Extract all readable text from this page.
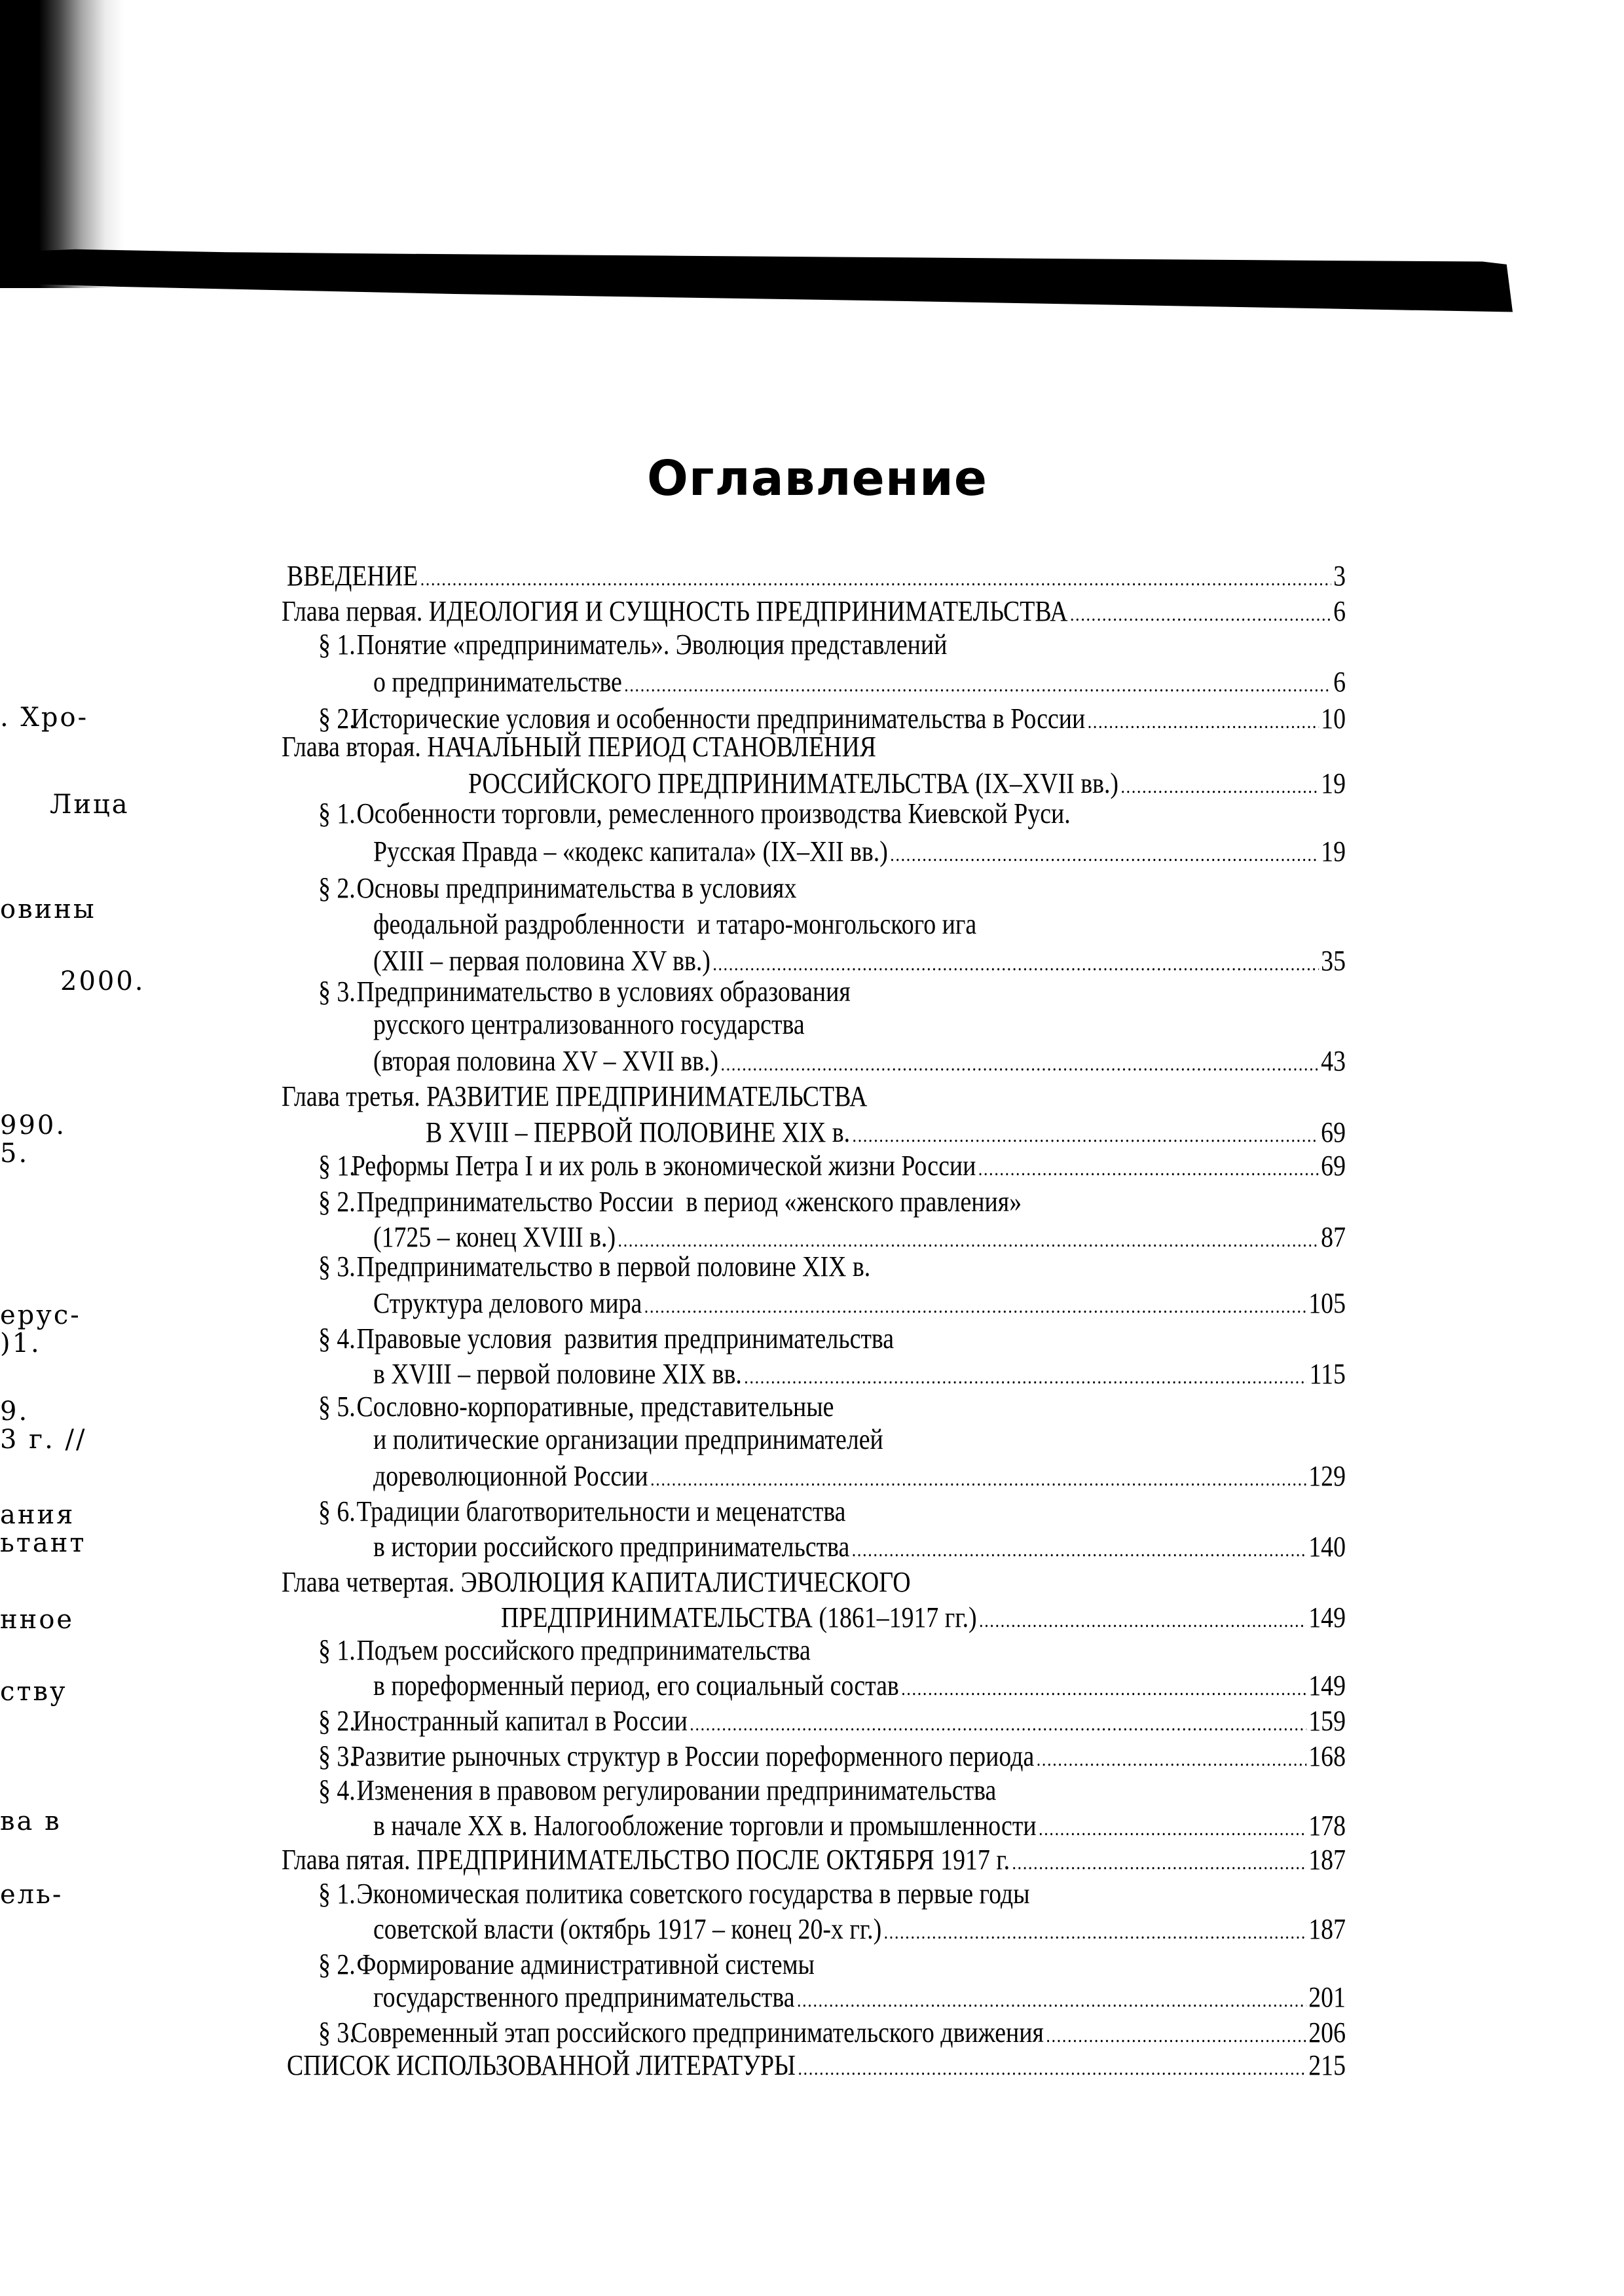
Оглавление
ВВЕДЕНИЕ .....	3
Глава первая. ИДЕОЛОГИЯ И СУЩНОСТЬ ПРЕДПРИНИМАТЕЛЬСТВА .....	6
§ 1. Понятие «предприниматель». Эволюция представлений
о предпринимательстве .....	6
§ 2.
Исторические условия и особенности предпринимательства в России .....	10
Глава вторая. НАЧАЛЬНЫЙ ПЕРИОД СТАНОВЛЕНИЯ
РОССИЙСКОГО ПРЕДПРИНИМАТЕЛЬСТВА (IX–XVII вв.) .....	19
§ 1. Особенности торговли, ремесленного производства Киевской Руси.
Русская Правда – «кодекс капитала» (IX–XII вв.) .....	19
§ 2. Основы предпринимательства в условиях
феодальной раздробленности  и татаро-монгольского ига
(XIII – первая половина XV вв.) .....	35
§ 3. Предпринимательство в условиях образования
русского централизованного государства
(вторая половина XV – XVII вв.) .....	43
Глава третья. РАЗВИТИЕ ПРЕДПРИНИМАТЕЛЬСТВА
В XVIII – ПЕРВОЙ ПОЛОВИНЕ XIX в. .....	69
§ 1.
Реформы Петра I и их роль в экономической жизни России .....	69
§ 2. Предпринимательство России  в период «женского правления»
(1725 – конец XVIII в.) .....	87
§ 3. Предпринимательство в первой половине XIX в.
Структура делового мира .....	105
§ 4. Правовые условия  развития предпринимательства
в XVIII – первой половине XIX вв. .....	115
§ 5. Сословно-корпоративные, представительные
и политические организации предпринимателей
дореволюционной России .....	129
§ 6. Традиции благотворительности и меценатства
в истории российского предпринимательства .....	140
Глава четвертая. ЭВОЛЮЦИЯ КАПИТАЛИСТИЧЕСКОГО
ПРЕДПРИНИМАТЕЛЬСТВА (1861–1917 гг.) .....	149
§ 1. Подъем российского предпринимательства
в пореформенный период, его социальный состав .....	149
§ 2.
Иностранный капитал в России .....	159
§ 3.
Развитие рыночных структур в России пореформенного периода .....	168
§ 4. Изменения в правовом регулировании предпринимательства
в начале XX в. Налогообложение торговли и промышленности .....	178
Глава пятая. ПРЕДПРИНИМАТЕЛЬСТВО ПОСЛЕ ОКТЯБРЯ 1917 г. .....	187
§ 1. Экономическая политика советского государства в первые годы
советской власти (октябрь 1917 – конец 20-х гг.) .....	187
§ 2. Формирование административной системы
государственного предпринимательства .....	201
§ 3.
Современный этап российского предпринимательского движения .....	206
СПИСОК ИСПОЛЬЗОВАННОЙ ЛИТЕРАТУРЫ .....	215
. Хро-
Лица
овины
2000.
990.
5.
ерус-
)1.
9.
3 г. //
ания
ьтант
нное
ству
ва в
ель-
